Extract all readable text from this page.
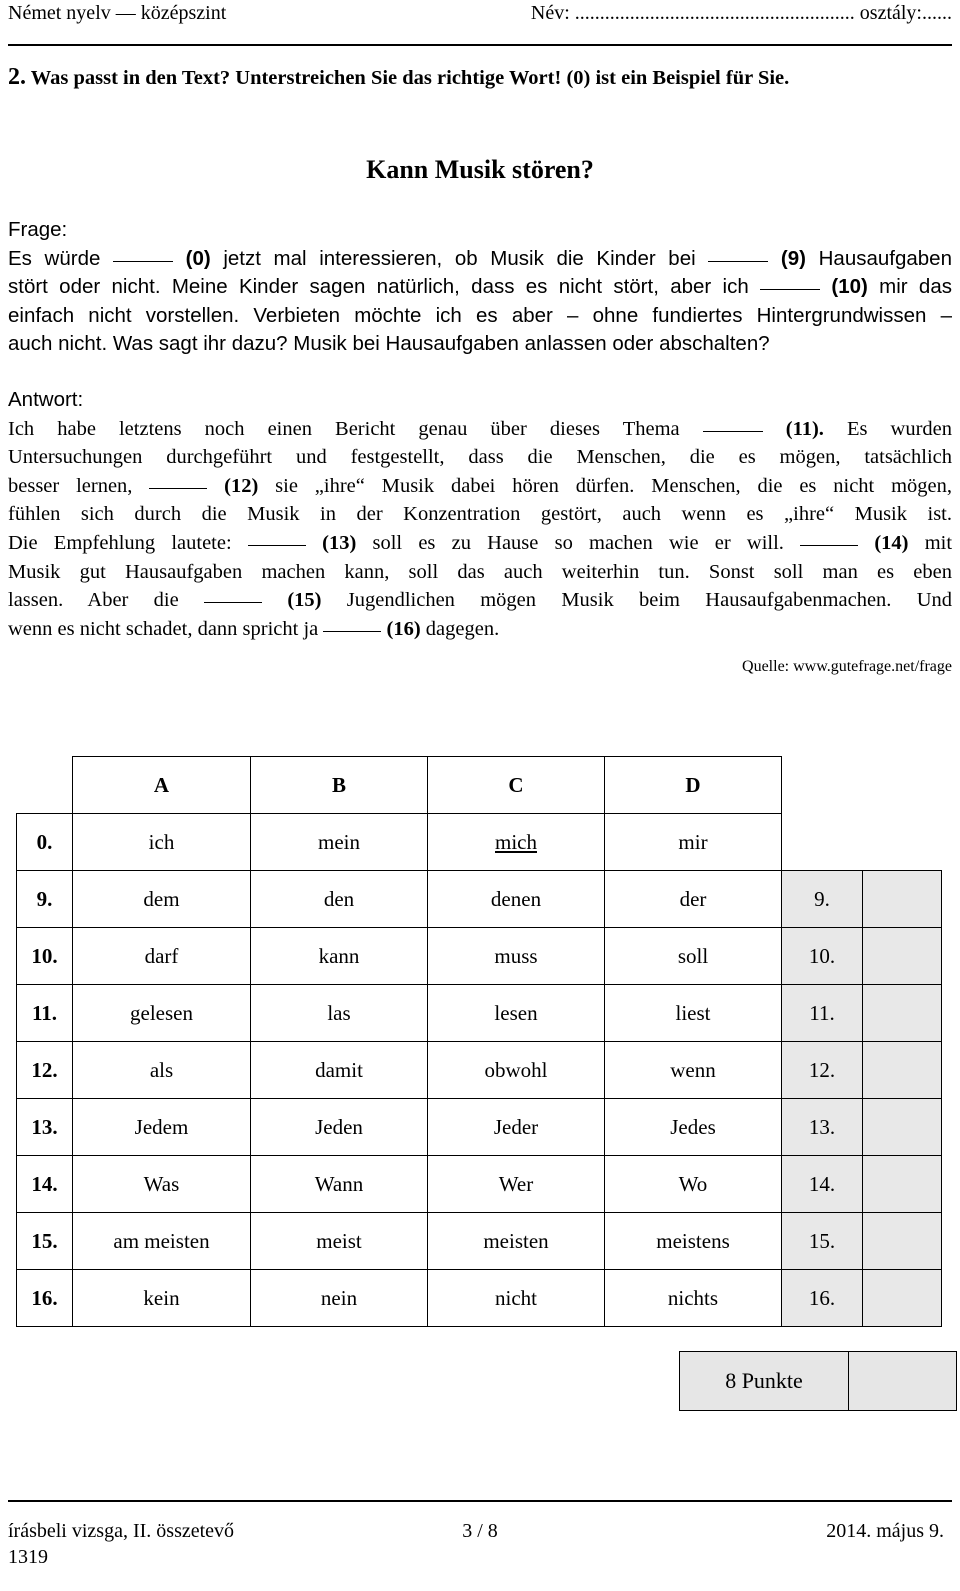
Német nyelv — középszint	Név: ........................................................ osztály:......
2. Was passt in den Text? Unterstreichen Sie das richtige Wort! (0) ist ein Beispiel für Sie.
Kann Musik stören?
Frage:
Es würde	(0) jetzt mal interessieren, ob Musik die Kinder bei	(9) Hausaufgaben
stört oder nicht. Meine Kinder sagen natürlich, dass es nicht stört, aber ich	(10) mir das
einfach nicht vorstellen. Verbieten möchte ich es aber – ohne fundiertes Hintergrundwissen –
auch nicht. Was sagt ihr dazu? Musik bei Hausaufgaben anlassen oder abschalten?
Antwort:
Ich habe letztens noch einen Bericht genau über dieses Thema	(11). Es wurden
Untersuchungen durchgeführt und festgestellt, dass die Menschen, die es mögen, tatsächlich
besser lernen,	(12) sie „ihre“ Musik dabei hören dürfen. Menschen, die es nicht mögen,
fühlen sich durch die Musik in der Konzentration gestört, auch wenn es „ihre“ Musik ist.
Die Empfehlung lautete:	(13) soll es zu Hause so machen wie er will.	(14) mit
Musik gut Hausaufgaben machen kann, soll das auch weiterhin tun. Sonst soll man es eben
lassen. Aber die	(15) Jugendlichen mögen Musik beim Hausaufgabenmachen. Und
wenn es nicht schadet, dann spricht ja	(16) dagegen.
Quelle: www.gutefrage.net/frage
	A	B	C	D		
0.	ich	mein	mich	mir		
9.	dem	den	denen	der	9.	
10.	darf	kann	muss	soll	10.	
11.	gelesen	las	lesen	liest	11.	
12.	als	damit	obwohl	wenn	12.	
13.	Jedem	Jeden	Jeder	Jedes	13.	
14.	Was	Wann	Wer	Wo	14.	
15.	am meisten	meist	meisten	meistens	15.	
16.	kein	nein	nicht	nichts	16.	
8 Punkte	
írásbeli vizsga, II. összetevő	3 / 8	2014. május 9.
1319
